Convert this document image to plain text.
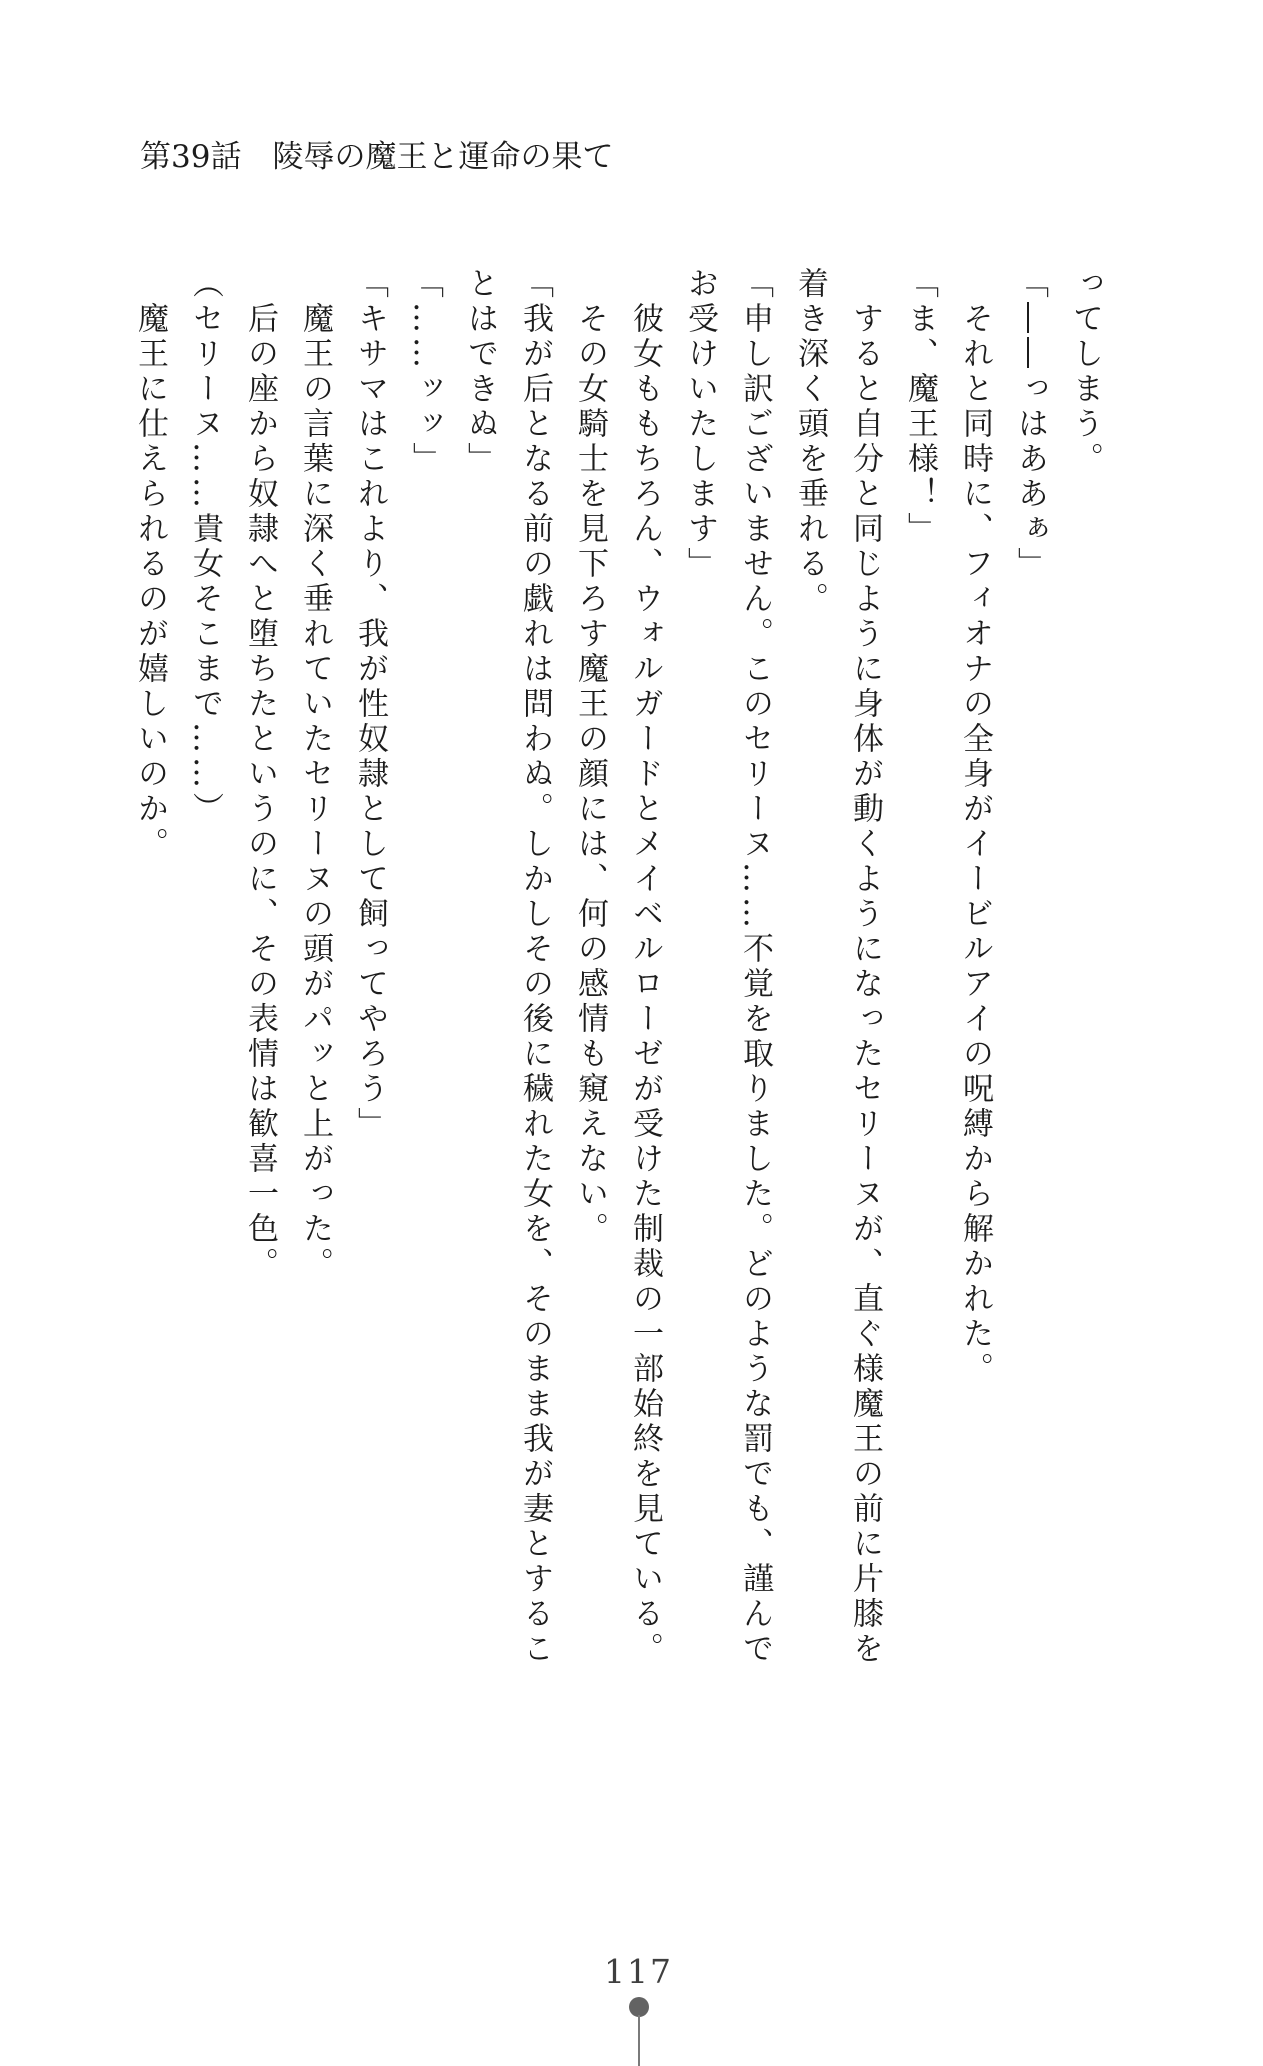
第39話　陵辱の魔王と運命の果て
ってしまう。
「――っはああぁ」
それと同時に、フィオナの全身がイービルアイの呪縛から解かれた。
「ま、魔王様！」
すると自分と同じように身体が動くようになったセリーヌが、直ぐ様魔王の前に片膝を
着き深く頭を垂れる。
「申し訳ございません。このセリーヌ……不覚を取りました。どのような罰でも、謹んで
お受けいたします」
彼女ももちろん、ウォルガードとメイベルローゼが受けた制裁の一部始終を見ている。
その女騎士を見下ろす魔王の顔には、何の感情も窺えない。
「我が后となる前の戯れは問わぬ。しかしその後に穢れた女を、そのまま我が妻とするこ
とはできぬ」
「……ッッ」
「キサマはこれより、我が性奴隷として飼ってやろう」
魔王の言葉に深く垂れていたセリーヌの頭がパッと上がった。
后の座から奴隷へと堕ちたというのに、その表情は歓喜一色。
（セリーヌ……貴女そこまで……）
魔王に仕えられるのが嬉しいのか。
117
